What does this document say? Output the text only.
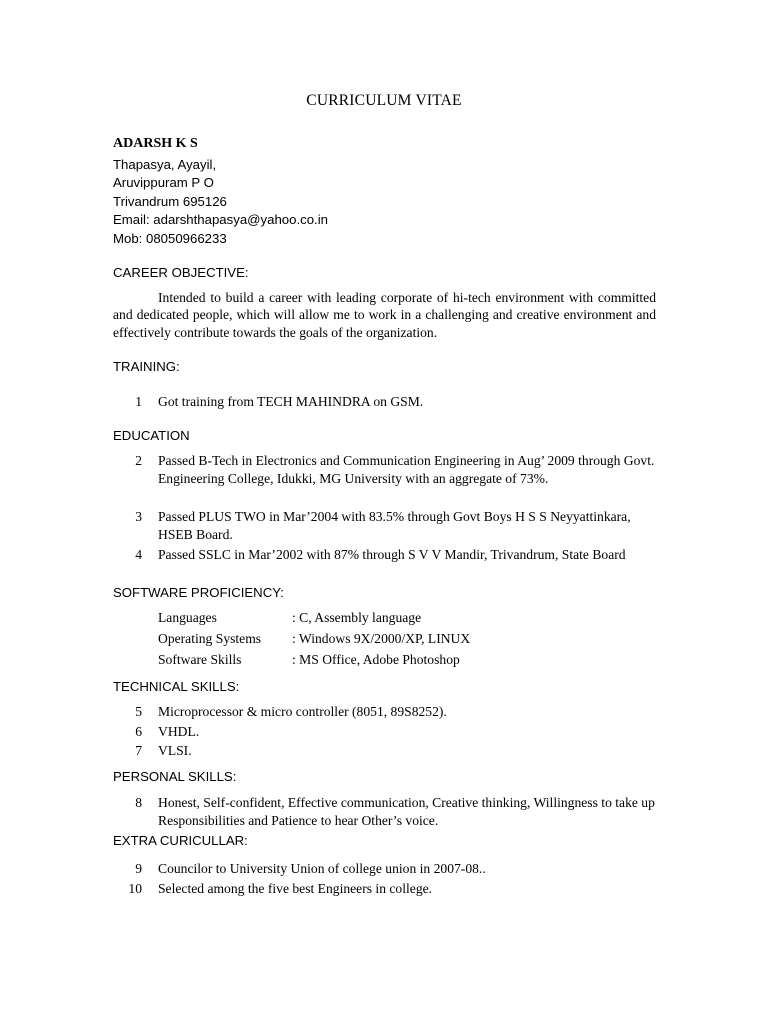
CURRICULUM VITAE
ADARSH K S
Thapasya, Ayayil,
Aruvippuram P O
Trivandrum 695126
Email: adarshthapasya@yahoo.co.in
Mob: 08050966233
CAREER OBJECTIVE:
Intended to build a career with leading corporate of hi-tech environment with committed and dedicated people, which will allow me to work in a challenging and creative environment and effectively contribute towards the goals of the organization.
TRAINING:
1 Got training from TECH MAHINDRA on GSM.
EDUCATION
2 Passed B-Tech in Electronics and Communication Engineering in Aug’ 2009 through Govt. Engineering College, Idukki, MG University with an aggregate of 73%.
3 Passed PLUS TWO in Mar’2004 with 83.5% through Govt Boys H S S Neyyattinkara, HSEB Board.
4 Passed SSLC in Mar’2002 with 87% through S V V Mandir, Trivandrum, State Board
SOFTWARE PROFICIENCY:
Languages	: C, Assembly language
Operating Systems : Windows 9X/2000/XP, LINUX
Software Skills	: MS Office, Adobe Photoshop
TECHNICAL SKILLS:
5 Microprocessor & micro controller (8051, 89S8252).
6 VHDL.
7 VLSI.
PERSONAL SKILLS:
8 Honest, Self-confident, Effective communication, Creative thinking, Willingness to take up Responsibilities and Patience to hear Other’s voice.
EXTRA CURICULLAR:
9 Councilor to University Union of college union in 2007-08..
10 Selected among the five best Engineers in college.
